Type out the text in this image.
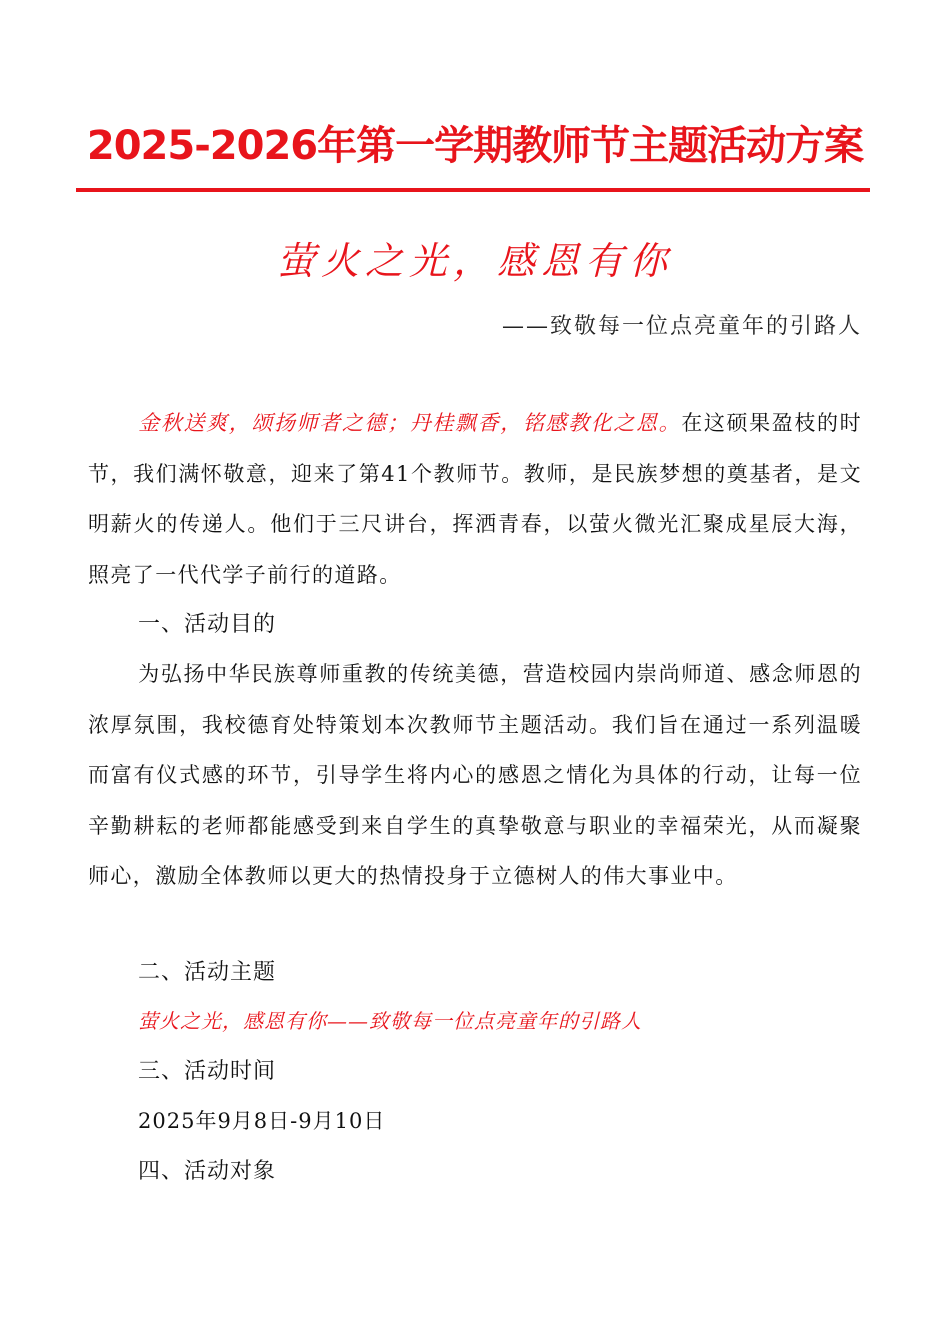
2025-2026年第一学期教师节主题活动方案
萤火之光，感恩有你
——致敬每一位点亮童年的引路人

金秋送爽，颂扬师者之德；丹桂飘香，铭感教化之恩。在这硕果盈枝的时节，我们满怀敬意，迎来了第41个教师节。教师，是民族梦想的奠基者，是文明薪火的传递人。他们于三尺讲台，挥洒青春，以萤火微光汇聚成星辰大海，照亮了一代代学子前行的道路。

一、活动目的

为弘扬中华民族尊师重教的传统美德，营造校园内崇尚师道、感念师恩的浓厚氛围，我校德育处特策划本次教师节主题活动。我们旨在通过一系列温暖而富有仪式感的环节，引导学生将内心的感恩之情化为具体的行动，让每一位辛勤耕耘的老师都能感受到来自学生的真挚敬意与职业的幸福荣光，从而凝聚师心，激励全体教师以更大的热情投身于立德树人的伟大事业中。

二、活动主题
萤火之光，感恩有你——致敬每一位点亮童年的引路人
三、活动时间
2025年9月8日-9月10日
四、活动对象
